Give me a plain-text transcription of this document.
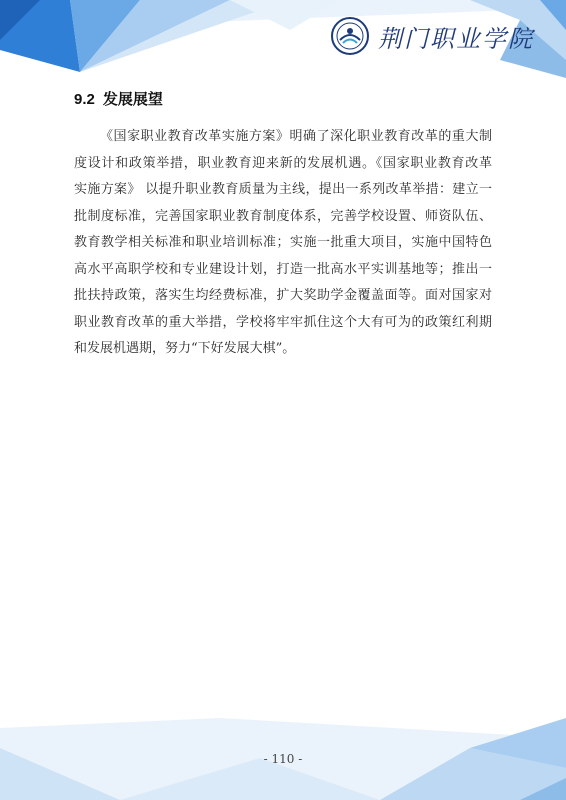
荆门职业学院
9.2 发展展望
《国家职业教育改革实施方案》明确了深化职业教育改革的重大制
度设计和政策举措，职业教育迎来新的发展机遇。《国家职业教育改革
实施方案》 以提升职业教育质量为主线，提出一系列改革举措：建立一
批制度标准，完善国家职业教育制度体系，完善学校设置、师资队伍、
教育教学相关标准和职业培训标准；实施一批重大项目，实施中国特色
高水平高职学校和专业建设计划，打造一批高水平实训基地等；推出一
批扶持政策，落实生均经费标准，扩大奖助学金覆盖面等。面对国家对
职业教育改革的重大举措，学校将牢牢抓住这个大有可为的政策红利期
和发展机遇期，努力“下好发展大棋”。
- 110 -
